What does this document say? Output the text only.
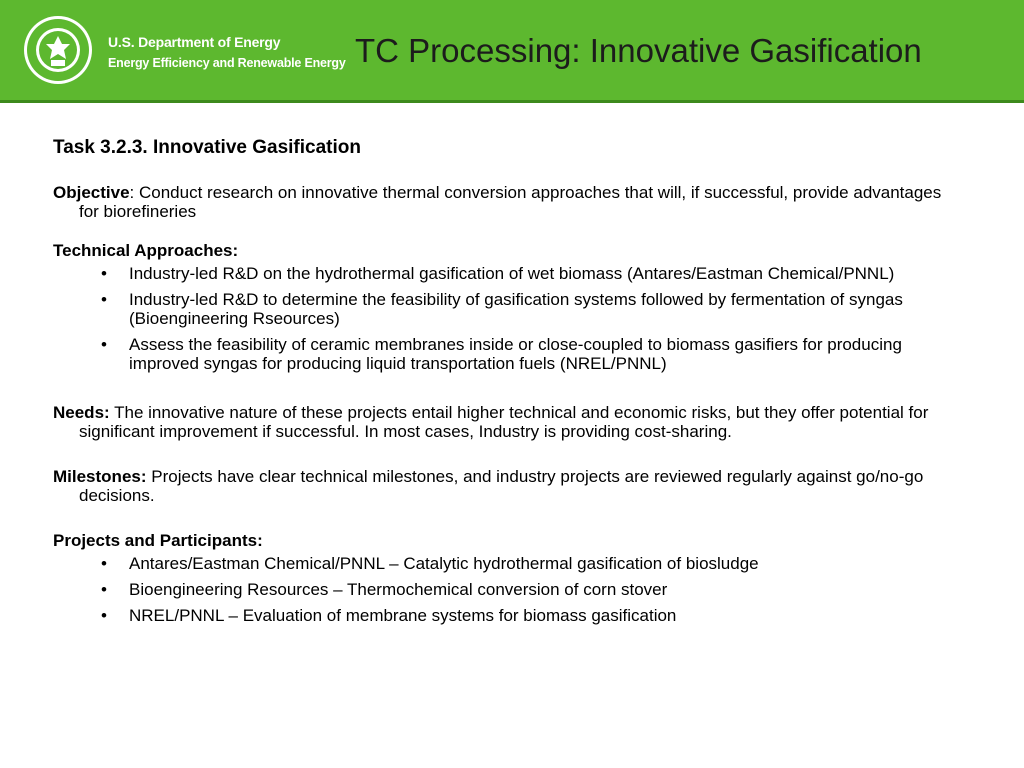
U.S. Department of Energy
Energy Efficiency and Renewable Energy TC Processing: Innovative Gasification
Task 3.2.3. Innovative Gasification
Objective: Conduct research on innovative thermal conversion approaches that will, if successful, provide advantages for biorefineries
Technical Approaches:
• Industry-led R&D on the hydrothermal gasification of wet biomass (Antares/Eastman Chemical/PNNL)
• Industry-led R&D to determine the feasibility of gasification systems followed by fermentation of syngas (Bioengineering Rseources)
• Assess the feasibility of ceramic membranes inside or close-coupled to biomass gasifiers for producing improved syngas for producing liquid transportation fuels (NREL/PNNL)
Needs: The innovative nature of these projects entail higher technical and economic risks, but they offer potential for significant improvement if successful. In most cases, Industry is providing cost-sharing.
Milestones: Projects have clear technical milestones, and industry projects are reviewed regularly against go/no-go decisions.
Projects and Participants:
• Antares/Eastman Chemical/PNNL – Catalytic hydrothermal gasification of biosludge
• Bioengineering Resources – Thermochemical conversion of corn stover
• NREL/PNNL – Evaluation of membrane systems for biomass gasification
